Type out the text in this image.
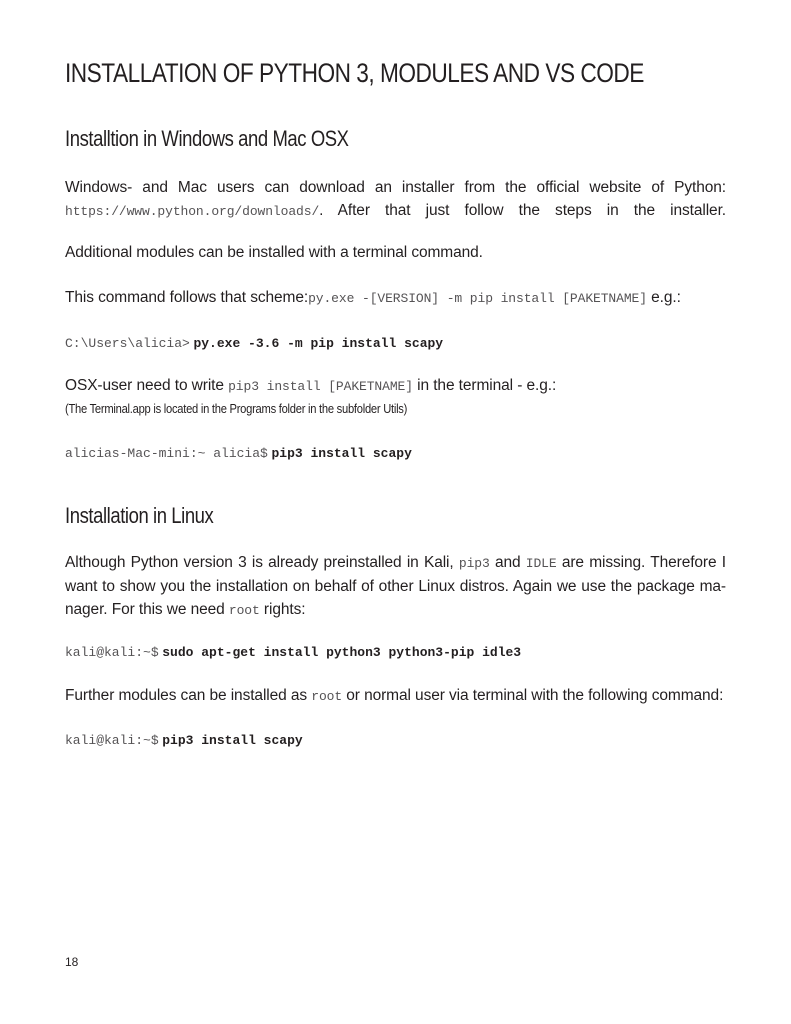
INSTALLATION OF PYTHON 3, MODULES AND VS CODE
Installtion in Windows and Mac OSX
Windows- and Mac users can download an installer from the official website of Python: https://www.python.org/downloads/. After that just follow the steps in the installer.
Additional modules can be installed with a terminal command.
This command follows that scheme:py.exe -[VERSION] -m pip install [PAKETNAME] e.g.:
C:\Users\alicia> py.exe -3.6 -m pip install scapy
OSX-user need to write pip3 install [PAKETNAME] in the terminal - e.g.:
(The Terminal.app is located in the Programs folder in the subfolder Utils)
alicias-Mac-mini:~ alicia$ pip3 install scapy
Installation in Linux
Although Python version 3 is already preinstalled in Kali, pip3 and IDLE are missing. Therefore I want to show you the installation on behalf of other Linux distros. Again we use the package ma-nager. For this we need root rights:
kali@kali:~$ sudo apt-get install python3 python3-pip idle3
Further modules can be installed as root or normal user via terminal with the following command:
kali@kali:~$ pip3 install scapy
18
